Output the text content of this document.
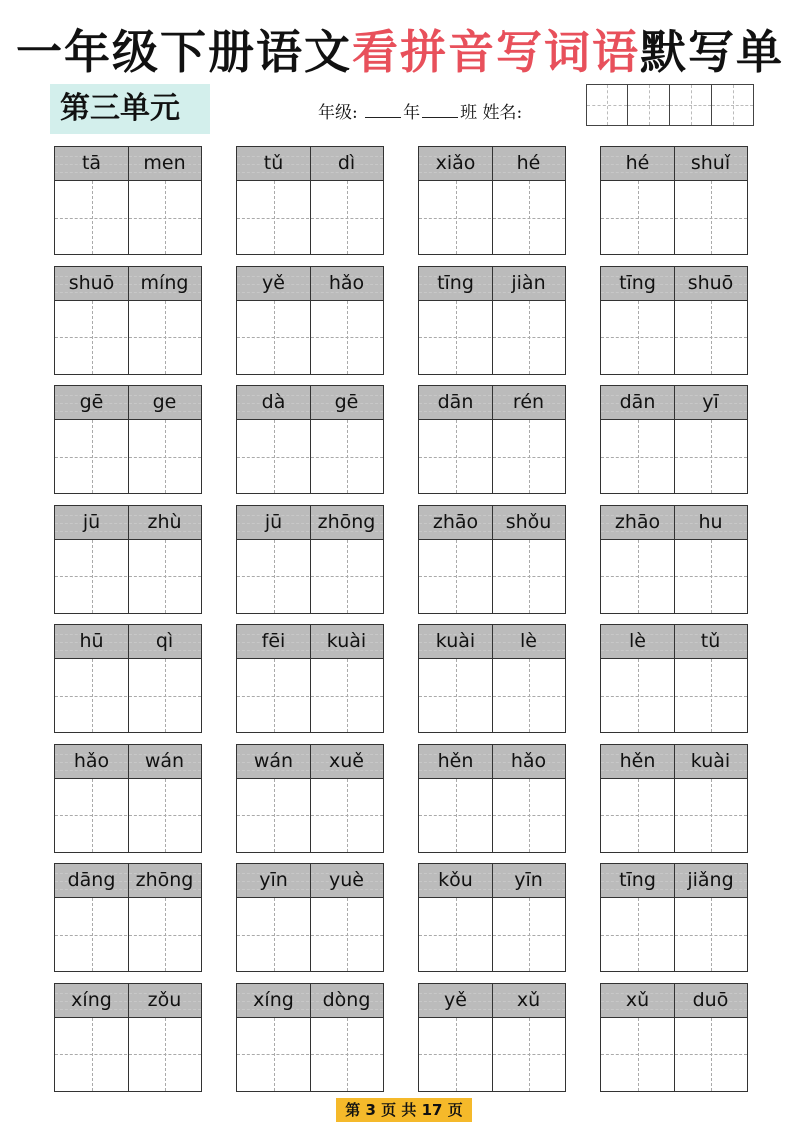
一年级下册语文看拼音写词语默写单
第三单元	年级:	年 班 姓名:
tā	men	tǔ	dì	xiǎo	hé	hé	shuǐ
shuō	míng	yě	hǎo	tīng	jiàn	tīng	shuō
gē	ge	dà	gē	dān	rén	dān	yī
jū	zhù	jū	zhōng	zhāo	shǒu	zhāo	hu
hū	qì	fēi	kuài	kuài	lè	lè	tǔ
hǎo	wán	wán	xuě	hěn	hǎo	hěn	kuài
dāng	zhōng	yīn	yuè	kǒu	yīn	tīng	jiǎng
xíng	zǒu	xíng	dòng	yě	xǔ	xǔ	duō
第 3 页 共 17 页
